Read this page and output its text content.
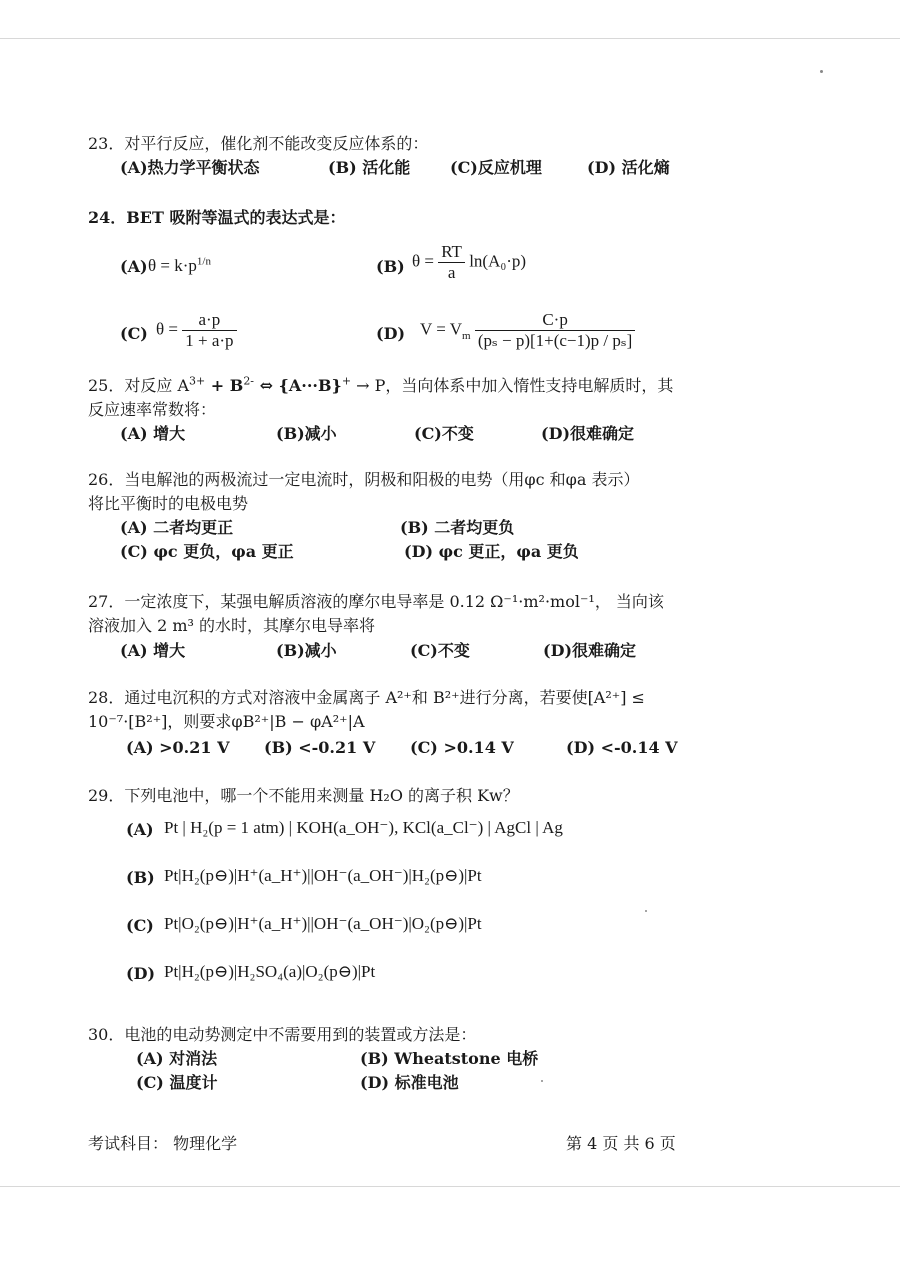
23．对平行反应，催化剂不能改变反应体系的：
(A)热力学平衡状态	(B) 活化能 (C)反应机理	(D) 活化熵
24．BET 吸附等温式的表达式是：
(A) $\theta = k\cdot p^{1/n}$	(B) $\theta = \frac{RT}{a} \ln(A_0\cdot p)$
(C) $\theta = \frac{a\cdot p}{1 + a\cdot p}$	(D) $V = V_m \frac{C\cdot p}{\text{(pₛ − p)[1+(c−1)p / pₛ]}}$
25．对反应 $A^{3+} + B^{2-}$ ⇔ {A···B}+ → P，当向体系中加入惰性支持电解质时，其
反应速率常数将：
(A) 增大	(B)减小	(C)不变	(D)很难确定
26．当电解池的两极流过一定电流时，阴极和阳极的电势（用φc 和φa 表示）
将比平衡时的电极电势
(A) 二者均更正	(B) 二者均更负
(C) φc 更负，φa 更正	(D) φc 更正，φa 更负
27．一定浓度下，某强电解质溶液的摩尔电导率是 0.12 Ω⁻¹·m²·mol⁻¹， 当向该
溶液加入 2 m³ 的水时，其摩尔电导率将
(A) 增大	(B)减小	(C)不变	(D)很难确定
28．通过电沉积的方式对溶液中金属离子 A²⁺和 B²⁺进行分离，若要使[A²⁺] ≤
10⁻⁷·[B²⁺]，则要求φB²⁺|B − φA²⁺|A
(A) >0.21 V (B) <-0.21 V (C) >0.14 V	(D) <-0.14 V
29．下列电池中，哪一个不能用来测量 H₂O 的离子积 Kw？
(A) Pt | H₂(p = 1 atm) | KOH(a_OH⁻), KCl(a_Cl⁻) | AgCl | Ag
(B) Pt|H₂(p⊖)|H⁺(a_H⁺)||OH⁻(a_OH⁻)|H₂(p⊖)|Pt
(C) Pt|O₂(p⊖)|H⁺(a_H⁺)||OH⁻(a_OH⁻)|O₂(p⊖)|Pt
(D) Pt|H₂(p⊖)|H₂SO₄(a)|O₂(p⊖)|Pt
30．电池的电动势测定中不需要用到的装置或方法是：
(A) 对消法	(B) Wheatstone 电桥
(C) 温度计	(D) 标准电池
考试科目： 物理化学	第 4 页 共 6 页
